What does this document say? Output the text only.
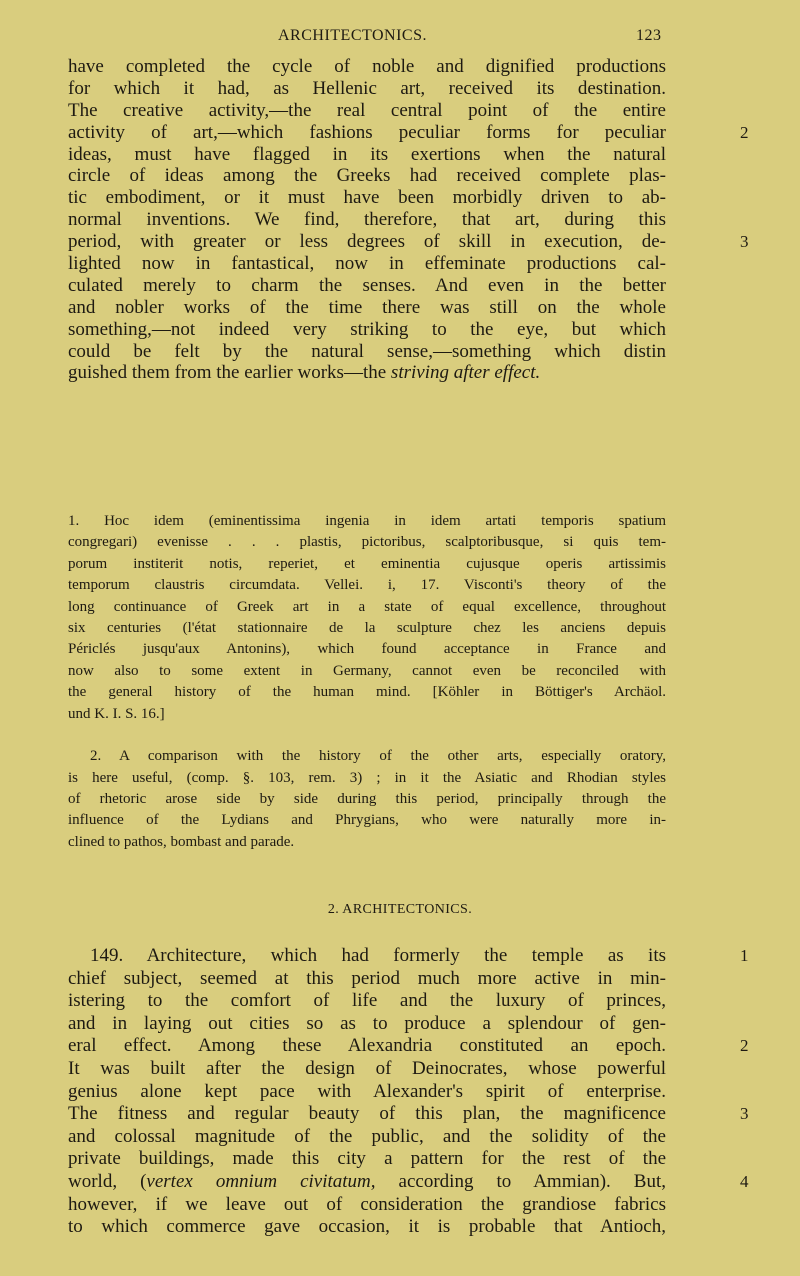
ARCHITECTONICS.	123
have completed the cycle of noble and dignified productions
for which it had, as Hellenic art, received its destination.
The creative activity,—the real central point of the entire
activity of art,—which fashions peculiar forms for peculiar	2
ideas, must have flagged in its exertions when the natural
circle of ideas among the Greeks had received complete plas-
tic embodiment, or it must have been morbidly driven to ab-
normal inventions. We find, therefore, that art, during this
period, with greater or less degrees of skill in execution, de-	3
lighted now in fantastical, now in effeminate productions cal-
culated merely to charm the senses. And even in the better
and nobler works of the time there was still on the whole
something,—not indeed very striking to the eye, but which
could be felt by the natural sense,—something which distin
guished them from the earlier works—the striving after effect.
1. Hoc idem (eminentissima ingenia in idem artati temporis spatium
congregari) evenisse . . . plastis, pictoribus, scalptoribusque, si quis tem-
porum institerit notis, reperiet, et eminentia cujusque operis artissimis
temporum claustris circumdata. Vellei. i, 17. Visconti's theory of the
long continuance of Greek art in a state of equal excellence, throughout
six centuries (l'état stationnaire de la sculpture chez les anciens depuis
Périclés jusqu'aux Antonins), which found acceptance in France and
now also to some extent in Germany, cannot even be reconciled with
the general history of the human mind. [Köhler in Böttiger's Archäol.
und K. I. S. 16.]
2. A comparison with the history of the other arts, especially oratory,
is here useful, (comp. §. 103, rem. 3) ; in it the Asiatic and Rhodian styles
of rhetoric arose side by side during this period, principally through the
influence of the Lydians and Phrygians, who were naturally more in-
clined to pathos, bombast and parade.
2. ARCHITECTONICS.
149. Architecture, which had formerly the temple as its	1
chief subject, seemed at this period much more active in min-
istering to the comfort of life and the luxury of princes,
and in laying out cities so as to produce a splendour of gen-
eral effect. Among these Alexandria constituted an epoch.	2
It was built after the design of Deinocrates, whose powerful
genius alone kept pace with Alexander's spirit of enterprise.
The fitness and regular beauty of this plan, the magnificence	3
and colossal magnitude of the public, and the solidity of the
private buildings, made this city a pattern for the rest of the
world, (vertex omnium civitatum, according to Ammian). But,	4
however, if we leave out of consideration the grandiose fabrics
to which commerce gave occasion, it is probable that Antioch,
